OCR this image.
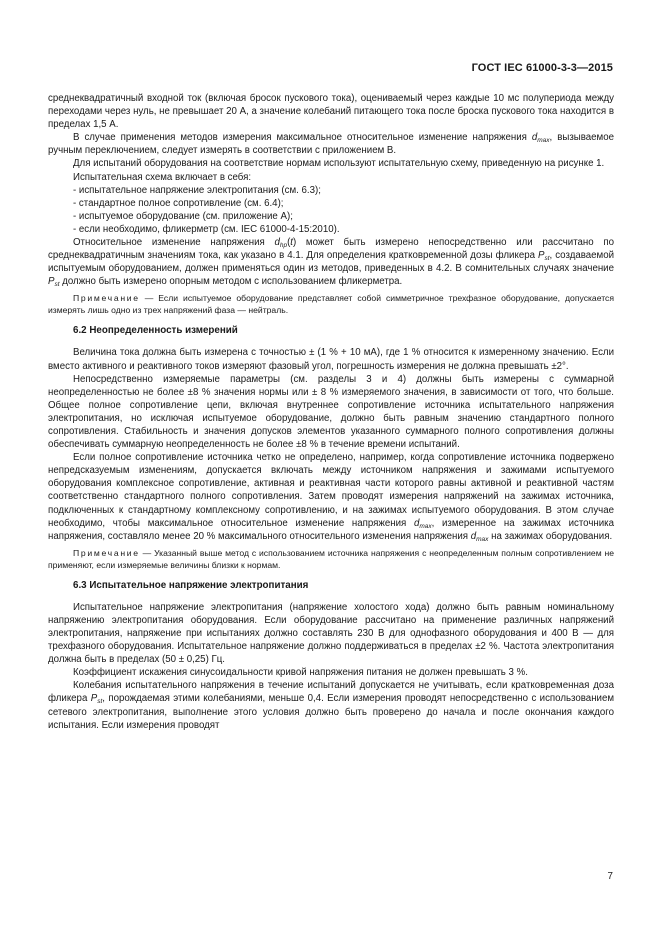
ГОСТ IEC 61000-3-3—2015

среднеквадратичный входной ток (включая бросок пускового тока), оцениваемый через каждые 10 мс полупериода между переходами через нуль, не превышает 20 А, а значение колебаний питающего тока после броска пускового тока находится в пределах 1,5 А.

В случае применения методов измерения максимальное относительное изменение напряжения $d_{max}$, вызываемое ручным переключением, следует измерять в соответствии с приложением В.

Для испытаний оборудования на соответствие нормам используют испытательную схему, приведенную на рисунке 1.

Испытательная схема включает в себя:

- испытательное напряжение электропитания (см. 6.3);

- стандартное полное сопротивление (см. 6.4);

- испытуемое оборудование (см. приложение А);

- если необходимо, фликерметр (см. IEC 61000-4-15:2010).

Относительное изменение напряжения $d_{hp}(t)$ может быть измерено непосредственно или рассчитано по среднеквадратичным значениям тока, как указано в 4.1. Для определения кратковременной дозы фликера $P_{st}$, создаваемой испытуемым оборудованием, должен применяться один из методов, приведенных в 4.2. В сомнительных случаях значение $P_{st}$ должно быть измерено опорным методом с использованием фликерметра.

Примечание — Если испытуемое оборудование представляет собой симметричное трехфазное оборудование, допускается измерять лишь одно из трех напряжений фаза — нейтраль.

6.2 Неопределенность измерений

Величина тока должна быть измерена с точностью ± (1 % + 10 мА), где 1 % относится к измеренному значению. Если вместо активного и реактивного токов измеряют фазовый угол, погрешность измерения не должна превышать ±2°.

Непосредственно измеряемые параметры (см. разделы 3 и 4) должны быть измерены с суммарной неопределенностью не более ±8 % значения нормы или ± 8 % измеряемого значения, в зависимости от того, что больше. Общее полное сопротивление цепи, включая внутреннее сопротивление источника испытательного напряжения электропитания, но исключая испытуемое оборудование, должно быть равным значению стандартного полного сопротивления. Стабильность и значения допусков элементов указанного суммарного полного сопротивления должны обеспечивать суммарную неопределенность не более ±8 % в течение времени испытаний.

Если полное сопротивление источника четко не определено, например, когда сопротивление источника подвержено непредсказуемым изменениям, допускается включать между источником напряжения и зажимами испытуемого оборудования комплексное сопротивление, активная и реактивная части которого равны активной и реактивной частям соответственно стандартного полного сопротивления. Затем проводят измерения напряжений на зажимах источника, подключенных к стандартному комплексному сопротивлению, и на зажимах испытуемого оборудования. В этом случае необходимо, чтобы максимальное относительное изменение напряжения $d_{max}$, измеренное на зажимах источника напряжения, составляло менее 20 % максимального относительного изменения напряжения $d_{max}$ на зажимах оборудования.

Примечание — Указанный выше метод с использованием источника напряжения с неопределенным полным сопротивлением не применяют, если измеряемые величины близки к нормам.

6.3 Испытательное напряжение электропитания

Испытательное напряжение электропитания (напряжение холостого хода) должно быть равным номинальному напряжению электропитания оборудования. Если оборудование рассчитано на применение различных напряжений электропитания, напряжение при испытаниях должно составлять 230 В для однофазного оборудования и 400 В — для трехфазного оборудования. Испытательное напряжение должно поддерживаться в пределах ±2 %. Частота электропитания должна быть в пределах (50 ± 0,25) Гц.

Коэффициент искажения синусоидальности кривой напряжения питания не должен превышать 3 %.

Колебания испытательного напряжения в течение испытаний допускается не учитывать, если кратковременная доза фликера $P_{st}$, порождаемая этими колебаниями, меньше 0,4. Если измерения проводят непосредственно с использованием сетевого электропитания, выполнение этого условия должно быть проверено до начала и после окончания каждого испытания. Если измерения проводят

7
